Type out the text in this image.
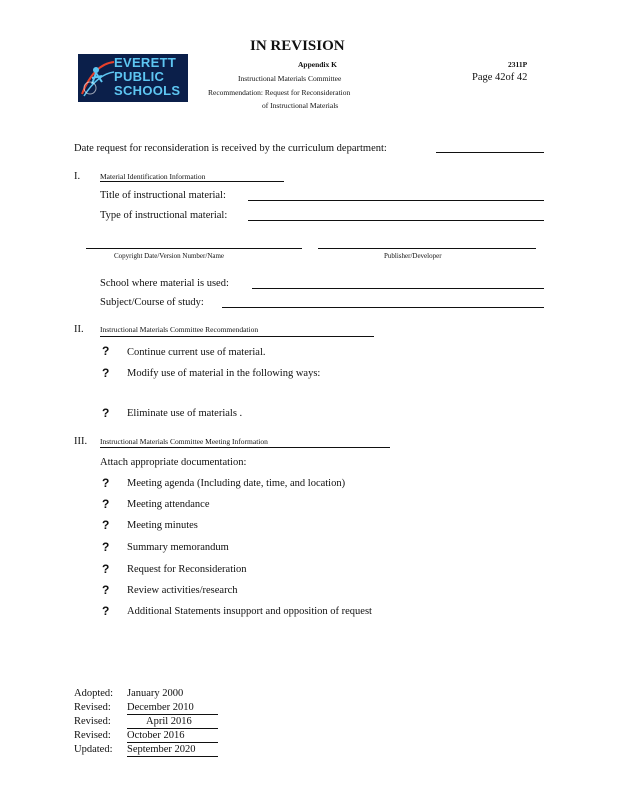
IN REVISION
EVERETT
PUBLIC
SCHOOLS
Appendix K	2311P
Page 42of 42
Instructional Materials Committee
Recommendation: Request for Reconsideration
of Instructional Materials
Date request for reconsideration is received by the curriculum department:
I.	Material Identification Information
Title of instructional material:
Type of instructional material:
Copyright Date/Version Number/Name	Publisher/Developer
School where material is used:
Subject/Course of study:
II. Instructional Materials Committee Recommendation
? Continue current use of material.
? Modify use of material in the following ways:
? Eliminate use of materials .
III. Instructional Materials Committee Meeting Information
Attach appropriate documentation:
? Meeting agenda (Including date, time, and location)
? Meeting attendance
? Meeting minutes
? Summary memorandum
? Request for Reconsideration
? Review activities/research
? Additional Statements insupport and opposition of request
Adopted: January 2000
Revised: December 2010
Revised:	April 2016
Revised: October 2016
Updated: September 2020
